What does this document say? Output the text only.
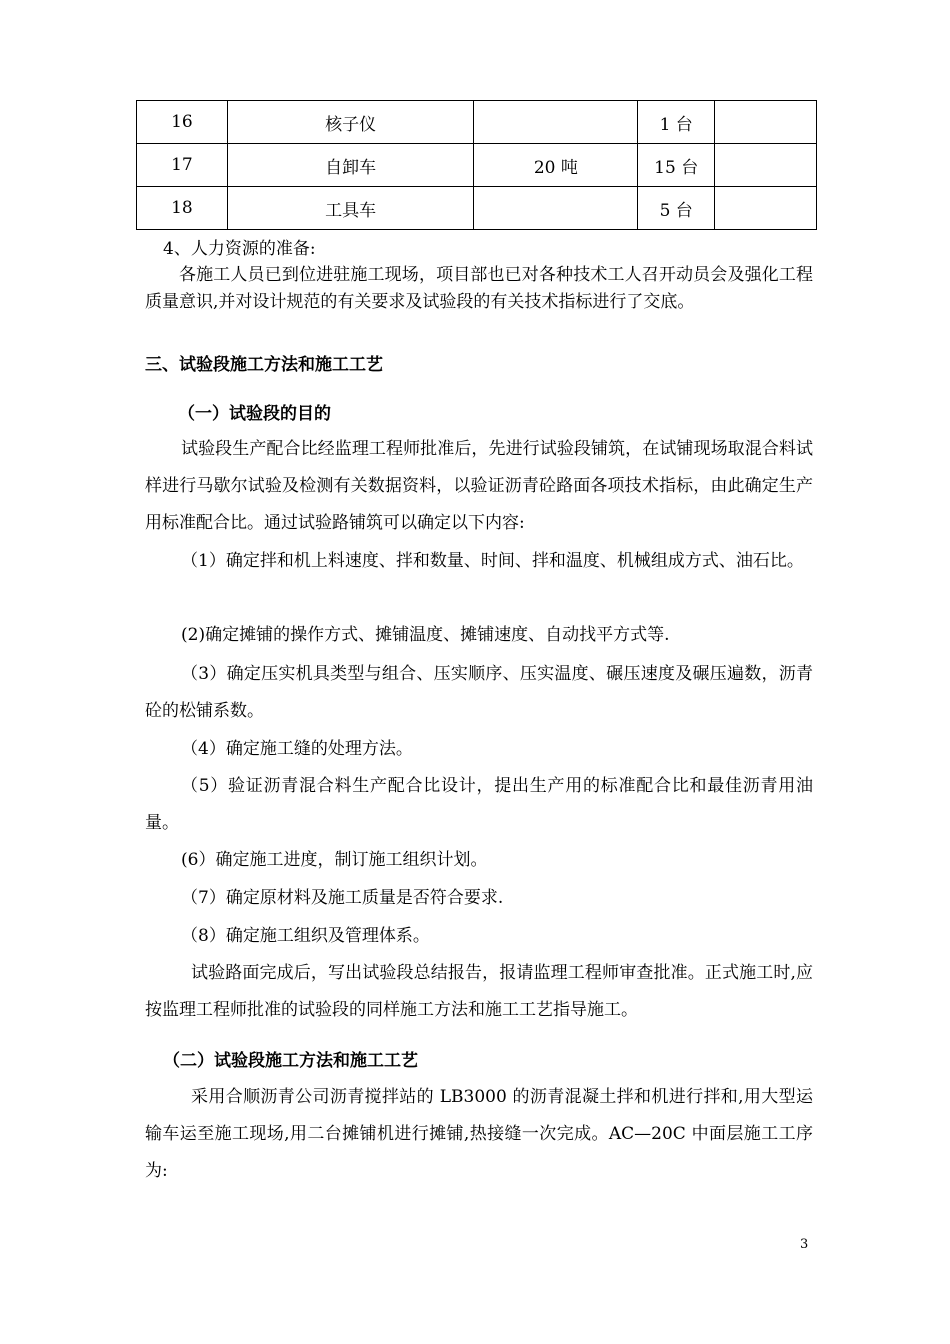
16	核子仪		1 台	
17	自卸车	20 吨	15 台	
18	工具车		5 台	

4、人力资源的准备:

各施工人员已到位进驻施工现场，项目部也已对各种技术工人召开动员会及强化工程质量意识,并对设计规范的有关要求及试验段的有关技术指标进行了交底。

三、试验段施工方法和施工工艺

（一）试验段的目的

试验段生产配合比经监理工程师批准后，先进行试验段铺筑，在试铺现场取混合料试样进行马歇尔试验及检测有关数据资料，以验证沥青砼路面各项技术指标，由此确定生产用标准配合比。通过试验路铺筑可以确定以下内容:

（1）确定拌和机上料速度、拌和数量、时间、拌和温度、机械组成方式、油石比。

(2)确定摊铺的操作方式、摊铺温度、摊铺速度、自动找平方式等.

（3）确定压实机具类型与组合、压实顺序、压实温度、碾压速度及碾压遍数，沥青砼的松铺系数。

（4）确定施工缝的处理方法。

（5）验证沥青混合料生产配合比设计，提出生产用的标准配合比和最佳沥青用油量。

(6）确定施工进度，制订施工组织计划。

（7）确定原材料及施工质量是否符合要求.

（8）确定施工组织及管理体系。

试验路面完成后，写出试验段总结报告，报请监理工程师审查批准。正式施工时,应按监理工程师批准的试验段的同样施工方法和施工工艺指导施工。

（二）试验段施工方法和施工工艺

采用合顺沥青公司沥青搅拌站的 LB3000 的沥青混凝土拌和机进行拌和,用大型运输车运至施工现场,用二台摊铺机进行摊铺,热接缝一次完成。AC—20C 中面层施工工序为:

3
